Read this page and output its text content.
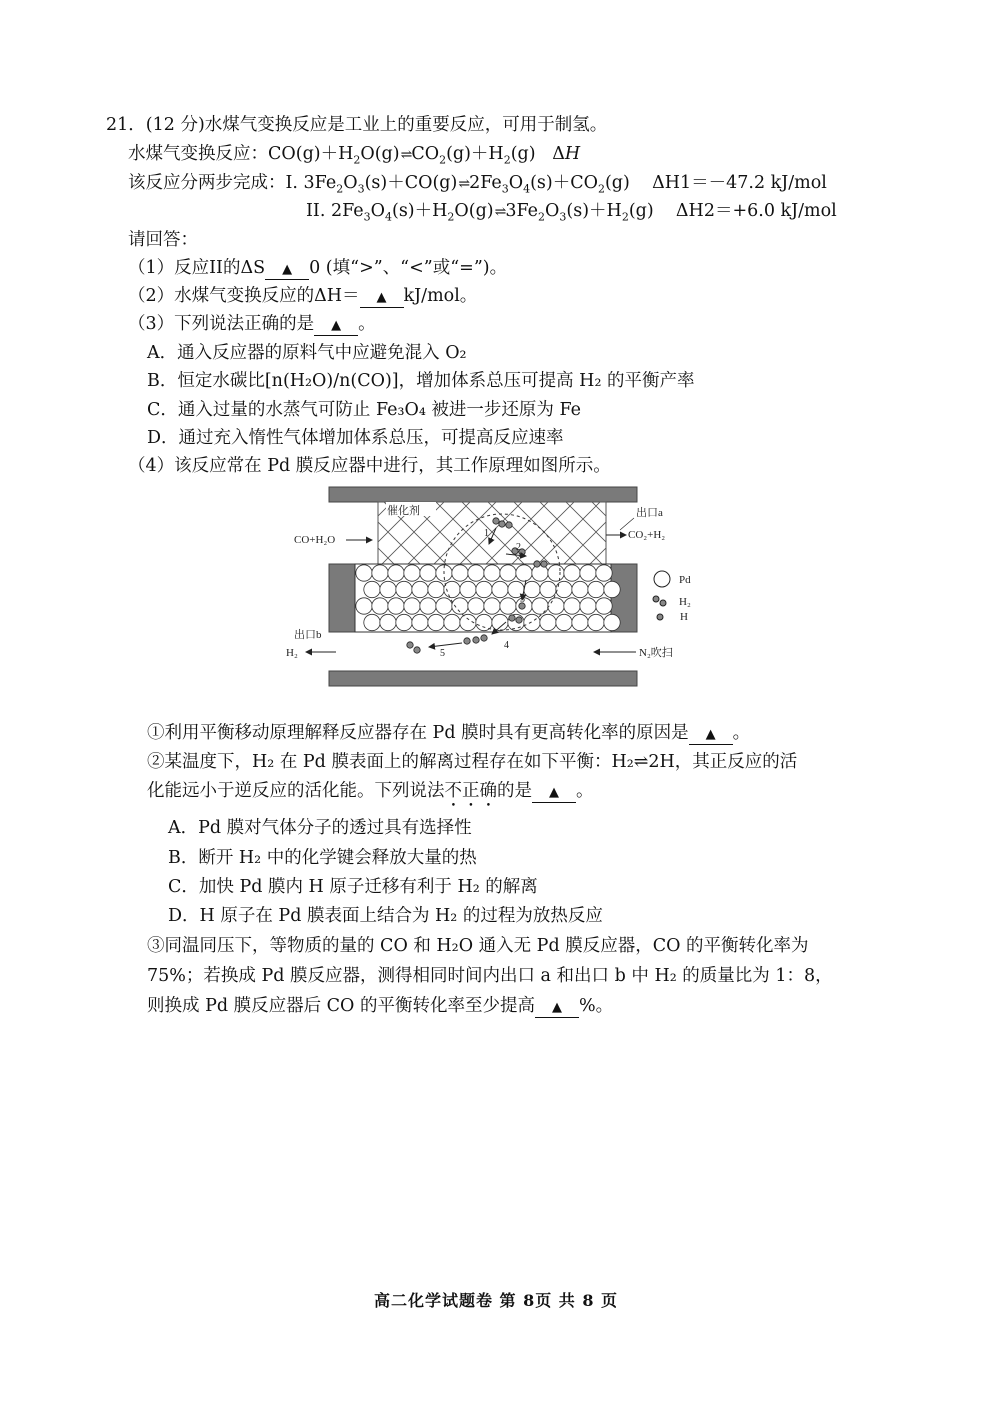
21．(12 分)水煤气变换反应是工业上的重要反应，可用于制氢。
水煤气变换反应：$CO(g)+H_2O(g)\rightleftharpoons CO_2(g)+H_2(g)$   ΔH
该反应分两步完成：I. $3Fe_2O_3(s)+CO(g)\rightleftharpoons 2Fe_3O_4(s)+CO_2(g)$    ΔH1＝－47.2 kJ/mol
II. $2Fe_3O_4(s)+H_2O(g)\rightleftharpoons 3Fe_2O_3(s)+H_2(g)$    ΔH2＝+6.0 kJ/mol
请回答：
（1）反应II的ΔS ▲ 0 (填“>”、“<”或“=”)。
（2）水煤气变换反应的ΔH＝ ▲ kJ/mol。
（3）下列说法正确的是 ▲ 。
A．通入反应器的原料气中应避免混入 O₂
B．恒定水碳比[n(H₂O)/n(CO)]，增加体系总压可提高 H₂ 的平衡产率
C．通入过量的水蒸气可防止 Fe₃O₄ 被进一步还原为 Fe
D．通过充入惰性气体增加体系总压，可提高反应速率
（4）该反应常在 Pd 膜反应器中进行，其工作原理如图所示。
催化剂
CO+H₂O	CO₂+H₂
出口a
出口b
H₂	N₂吹扫
1
2
3
4
5
Pd
H₂
H
①利用平衡移动原理解释反应器存在 Pd 膜时具有更高转化率的原因是 ▲ 。
②某温度下，H₂ 在 Pd 膜表面上的解离过程存在如下平衡：H₂⇌2H，其正反应的活
化能远小于逆反应的活化能。下列说法不正确的是 ▲ 。
A．Pd 膜对气体分子的透过具有选择性
B．断开 H₂ 中的化学键会释放大量的热
C．加快 Pd 膜内 H 原子迁移有利于 H₂ 的解离
D．H 原子在 Pd 膜表面上结合为 H₂ 的过程为放热反应
③同温同压下，等物质的量的 CO 和 H₂O 通入无 Pd 膜反应器，CO 的平衡转化率为
75%；若换成 Pd 膜反应器，测得相同时间内出口 a 和出口 b 中 H₂ 的质量比为 1：8，
则换成 Pd 膜反应器后 CO 的平衡转化率至少提高 ▲ %。
高二化学试题卷 第 8页 共 8 页
